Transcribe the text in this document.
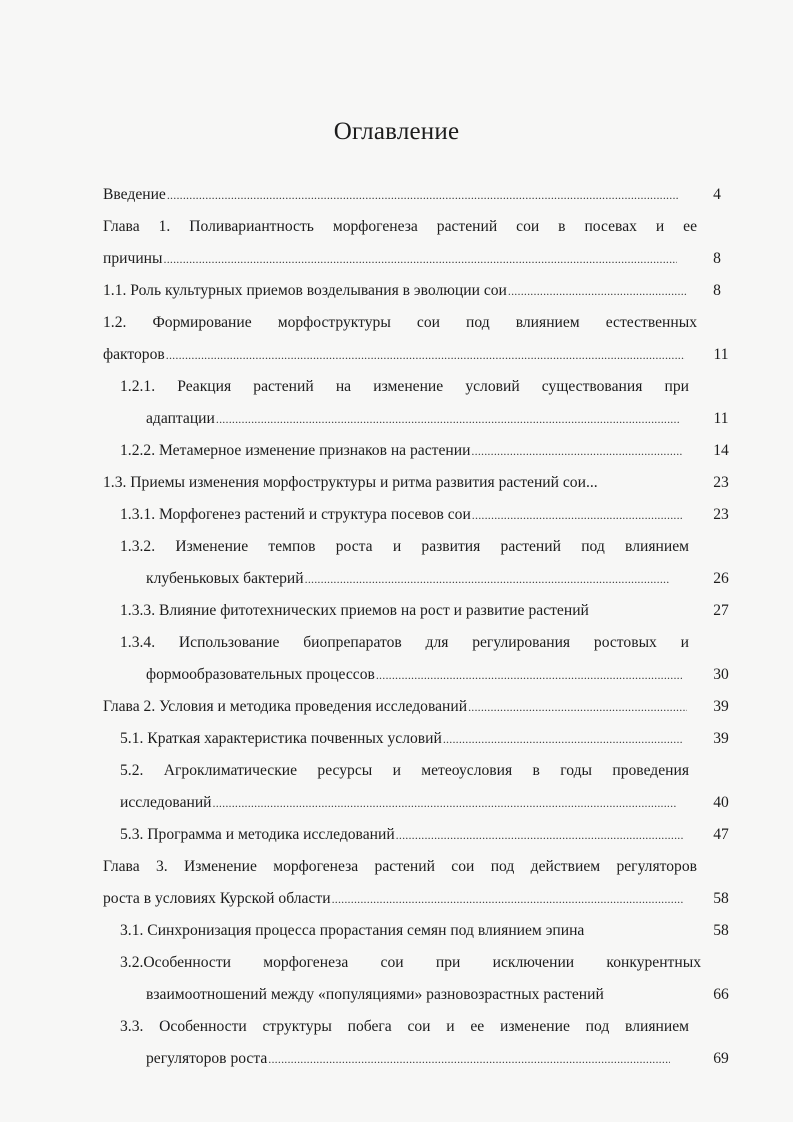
Оглавление
Введение .....	4
Глава 1. Поливариантность морфогенеза растений сои в посевах и ее
причины .....	8
1.1. Роль культурных приемов возделывания в эволюции сои .....	8
1.2. Формирование морфоструктуры сои под влиянием естественных
факторов .....	11
1.2.1. Реакция растений на изменение условий существования при
адаптации .....	11
1.2.2. Метамерное изменение признаков на растении .....	14
1.3. Приемы изменения морфоструктуры и ритма развития растений сои...	23
1.3.1. Морфогенез растений и структура посевов сои .....	23
1.3.2. Изменение темпов роста и развития растений под влиянием
клубеньковых бактерий .....	26
1.3.3. Влияние фитотехнических приемов на рост и развитие растений	27
1.3.4. Использование биопрепаратов для регулирования ростовых и
формообразовательных процессов .....	30
Глава 2. Условия и методика проведения исследований .....	39
5.1. Краткая характеристика почвенных условий .....	39
5.2. Агроклиматические ресурсы и метеоусловия в годы проведения
исследований .....	40
5.3. Программа и методика исследований .....	47
Глава 3. Изменение морфогенеза растений сои под действием регуляторов
роста в условиях Курской области .....	58
3.1. Синхронизация процесса прорастания семян под влиянием эпина	58
3.2.Особенности морфогенеза сои при исключении конкурентных
взаимоотношений между «популяциями» разновозрастных растений	66
3.3. Особенности структуры побега сои и ее изменение под влиянием
регуляторов роста .....	69
